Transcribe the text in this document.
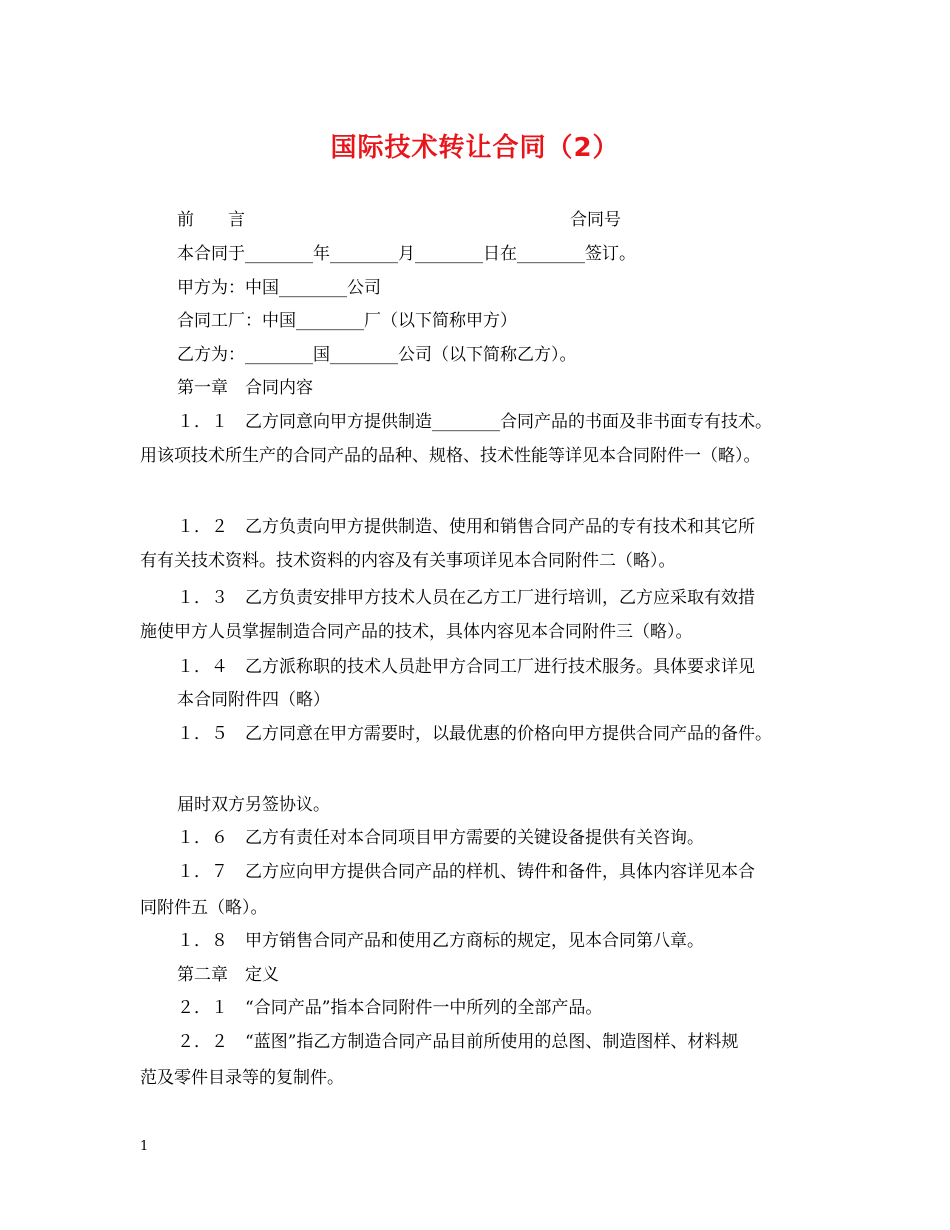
国际技术转让合同（2）
合同号
前　　言
本合同于________年________月________日在________签订。
甲方为：中国________公司
合同工厂：中国________厂（以下简称甲方）
乙方为：________国________公司（以下简称乙方）。
第一章　合同内容
１．１　乙方同意向甲方提供制造________合同产品的书面及非书面专有技术。
用该项技术所生产的合同产品的品种、规格、技术性能等详见本合同附件一（略）。
１．２　乙方负责向甲方提供制造、使用和销售合同产品的专有技术和其它所
有有关技术资料。技术资料的内容及有关事项详见本合同附件二（略）。
１．３　乙方负责安排甲方技术人员在乙方工厂进行培训，乙方应采取有效措
施使甲方人员掌握制造合同产品的技术，具体内容见本合同附件三（略）。
１．４　乙方派称职的技术人员赴甲方合同工厂进行技术服务。具体要求详见
本合同附件四（略）
１．５　乙方同意在甲方需要时，以最优惠的价格向甲方提供合同产品的备件。
届时双方另签协议。
１．６　乙方有责任对本合同项目甲方需要的关键设备提供有关咨询。
１．７　乙方应向甲方提供合同产品的样机、铸件和备件，具体内容详见本合
同附件五（略）。
１．８　甲方销售合同产品和使用乙方商标的规定，见本合同第八章。
第二章　定义
２．１　“合同产品”指本合同附件一中所列的全部产品。
２．２　“蓝图”指乙方制造合同产品目前所使用的总图、制造图样、材料规
范及零件目录等的复制件。
1
